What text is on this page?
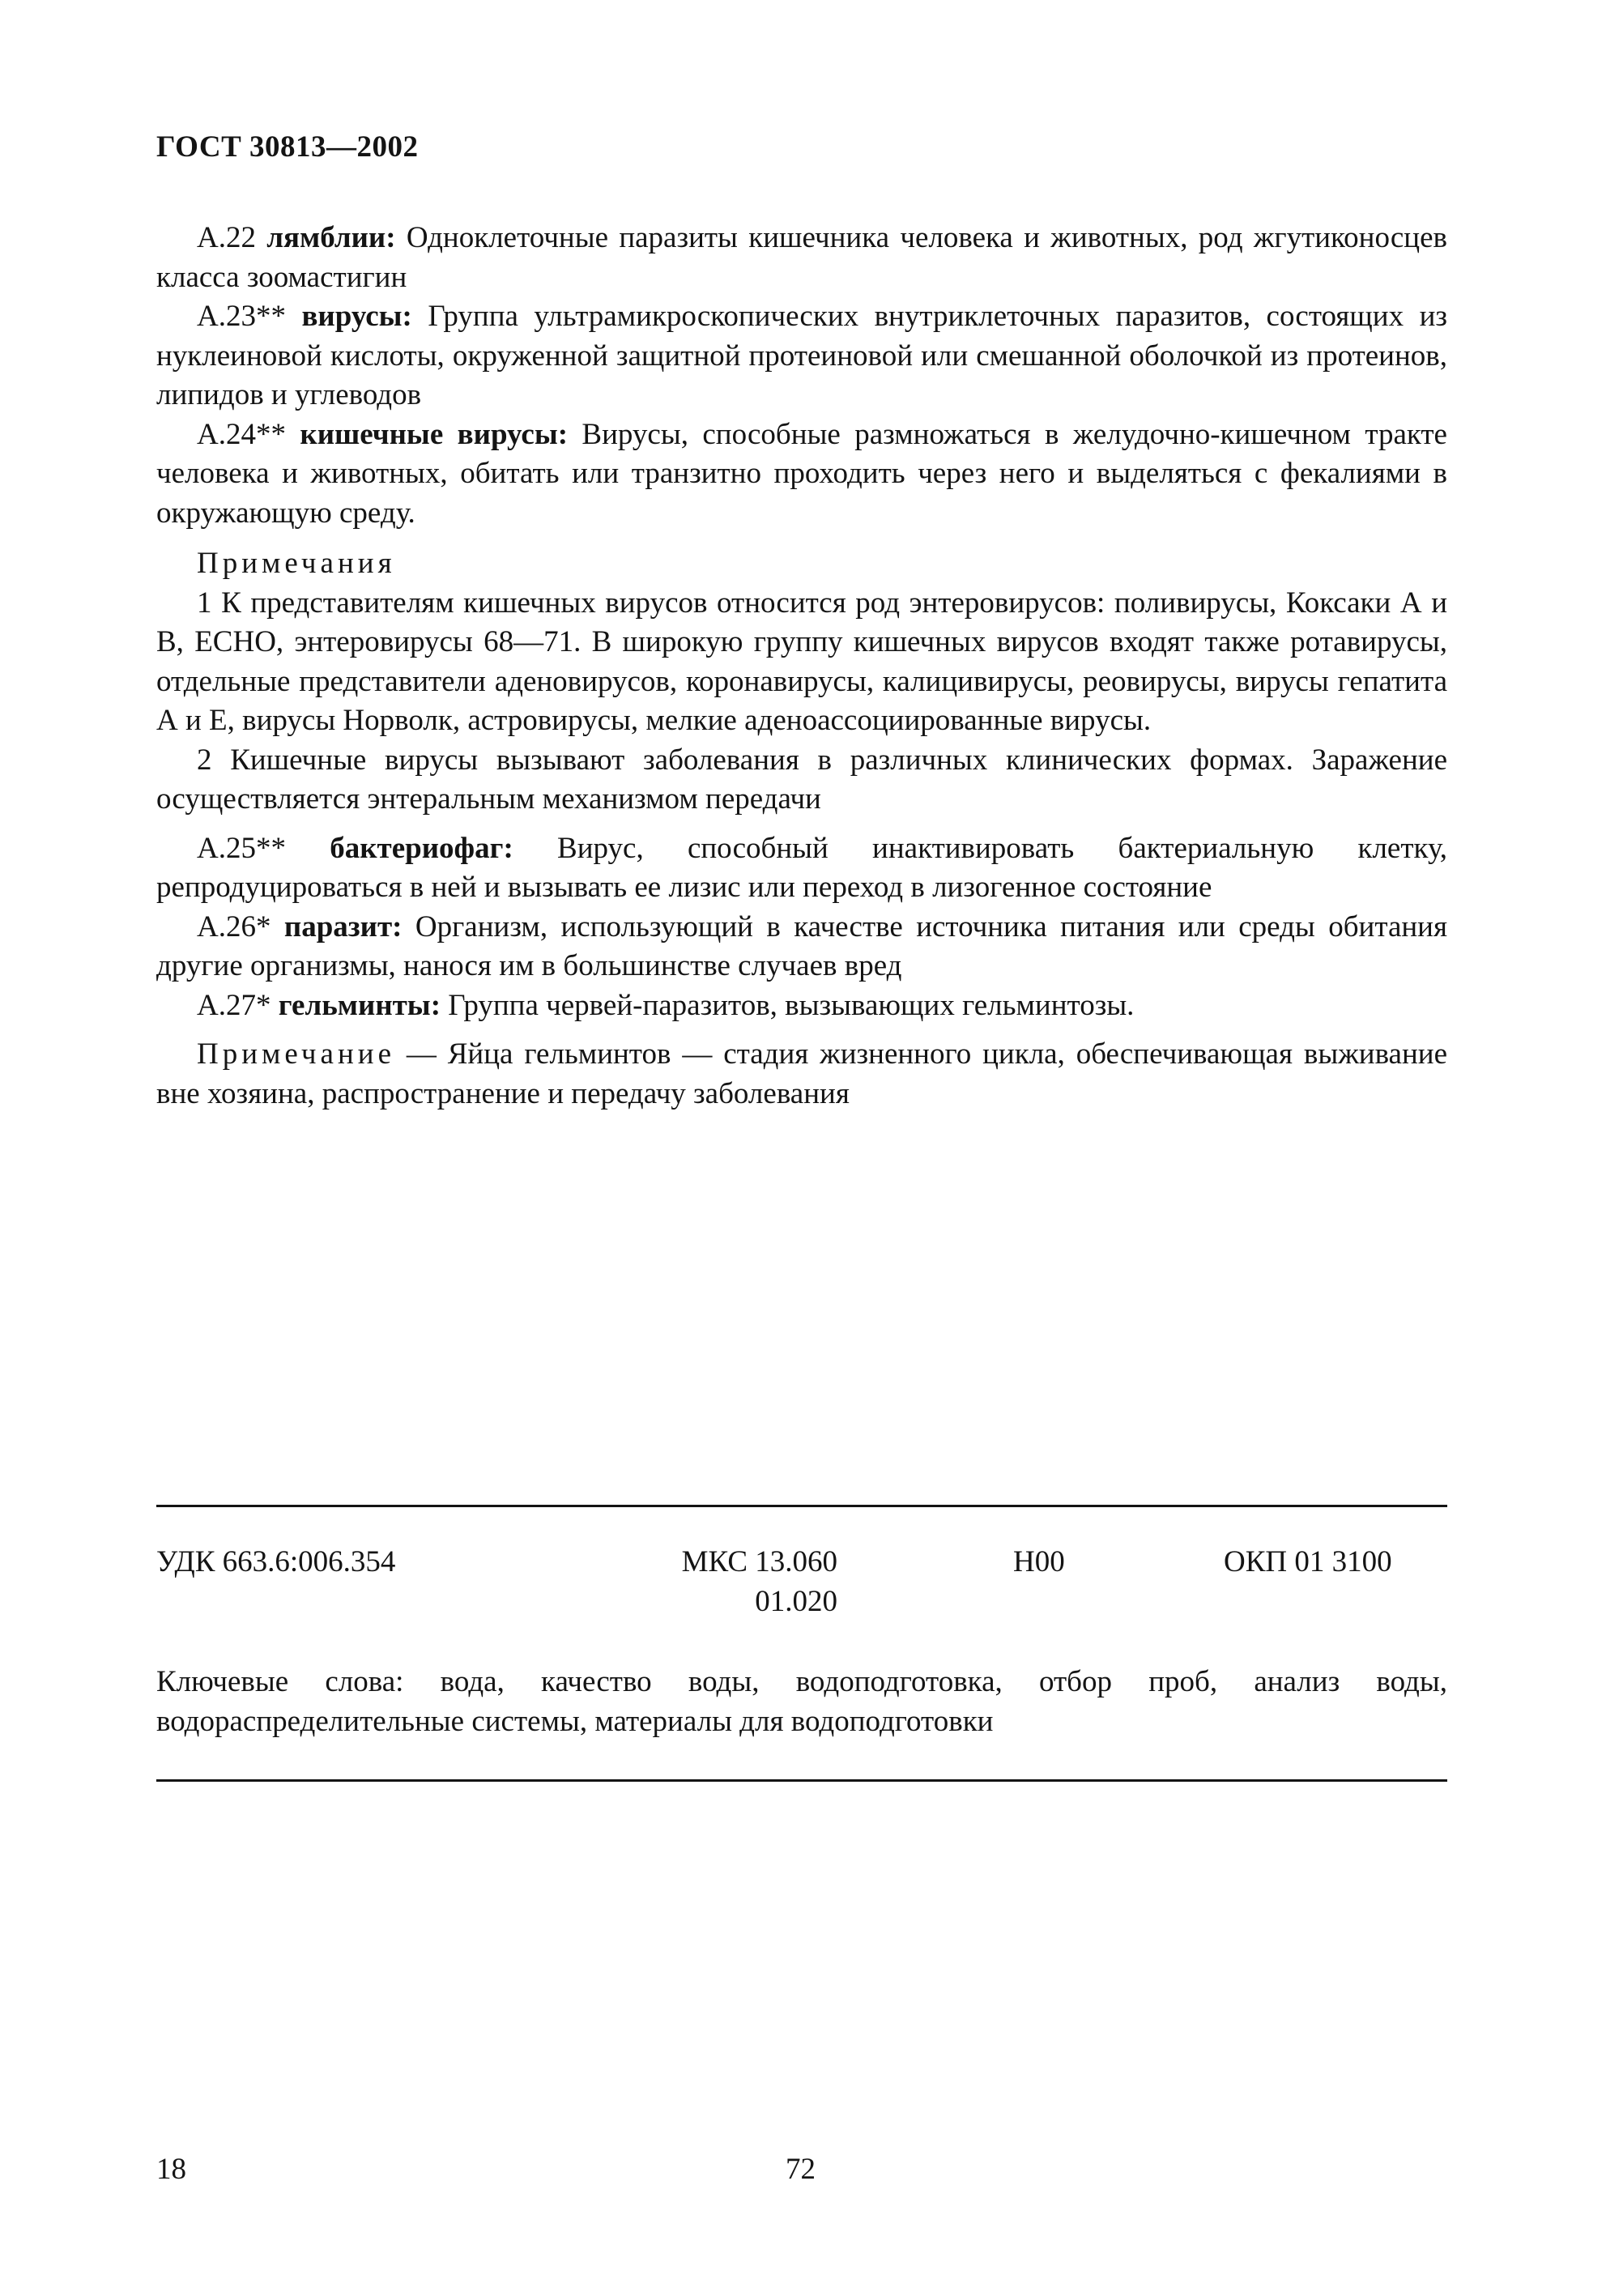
ГОСТ 30813—2002

А.22 лямблии: Одноклеточные паразиты кишечника человека и животных, род жгутиконосцев класса зоомастигин

А.23** вирусы: Группа ультрамикроскопических внутриклеточных паразитов, состоящих из нуклеиновой кислоты, окруженной защитной протеиновой или смешанной оболочкой из протеинов, липидов и углеводов

А.24** кишечные вирусы: Вирусы, способные размножаться в желудочно-кишечном тракте человека и животных, обитать или транзитно проходить через него и выделяться с фекалиями в окружающую среду.

Примечания

1 К представителям кишечных вирусов относится род энтеровирусов: поливирусы, Коксаки А и В, ЕСНО, энтеровирусы 68—71. В широкую группу кишечных вирусов входят также ротавирусы, отдельные представители аденовирусов, коронавирусы, калицивирусы, реовирусы, вирусы гепатита А и Е, вирусы Норволк, астровирусы, мелкие аденоассоциированные вирусы.

2 Кишечные вирусы вызывают заболевания в различных клинических формах. Заражение осуществляется энтеральным механизмом передачи

А.25** бактериофаг: Вирус, способный инактивировать бактериальную клетку, репродуцироваться в ней и вызывать ее лизис или переход в лизогенное состояние

А.26* паразит: Организм, использующий в качестве источника питания или среды обитания другие организмы, нанося им в большинстве случаев вред

А.27* гельминты: Группа червей-паразитов, вызывающих гельминтозы.

Примечание — Яйца гельминтов — стадия жизненного цикла, обеспечивающая выживание вне хозяина, распространение и передачу заболевания

УДК 663.6:006.354	МКС 13.060
01.020
Н00	ОКП 01 3100
Ключевые слова: вода, качество воды, водоподготовка, отбор проб, анализ воды, водораспределительные системы, материалы для водоподготовки
18	72
